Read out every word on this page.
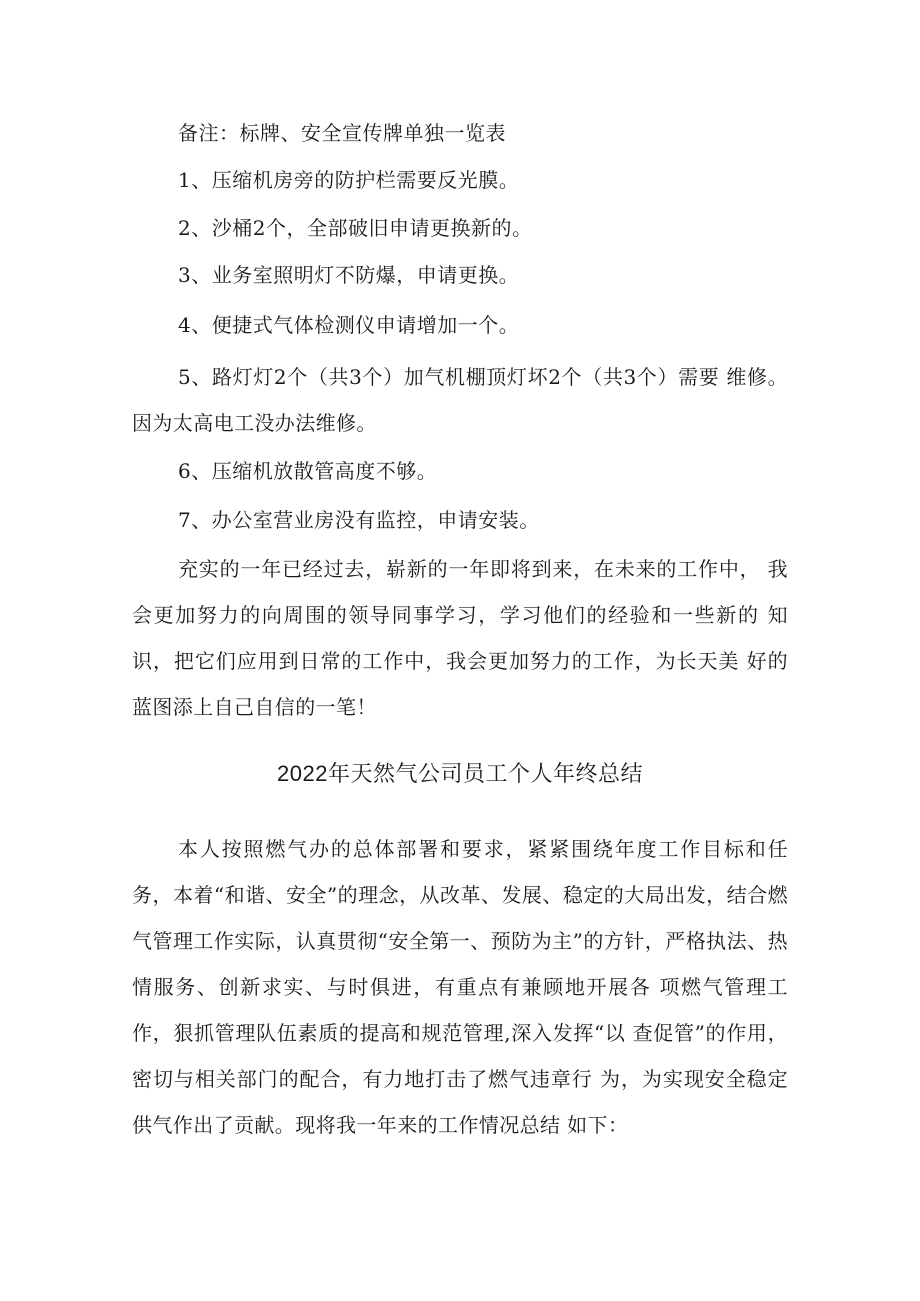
备注：标牌、安全宣传牌单独一览表
1、压缩机房旁的防护栏需要反光膜。
2、沙桶2个，全部破旧申请更换新的。
3、业务室照明灯不防爆，申请更换。
4、便捷式气体检测仪申请增加一个。
5、路灯灯2个（共3个）加气机棚顶灯坏2个（共3个）需要 维修。因为太高电工没办法维修。
6、压缩机放散管高度不够。
7、办公室营业房没有监控，申请安装。
充实的一年已经过去，崭新的一年即将到来，在未来的工作中， 我会更加努力的向周围的领导同事学习，学习他们的经验和一些新的 知识，把它们应用到日常的工作中，我会更加努力的工作，为长天美 好的蓝图添上自己自信的一笔！
2022年天然气公司员工个人年终总结
本人按照燃气办的总体部署和要求，紧紧围绕年度工作目标和任 务，本着“和谐、安全”的理念，从改革、发展、稳定的大局出发，结合燃气管理工作实际，认真贯彻“安全第一、预防为主”的方针，严格执法、热情服务、创新求实、与时俱进，有重点有兼顾地开展各 项燃气管理工作，狠抓管理队伍素质的提高和规范管理,深入发挥“以 查促管”的作用，密切与相关部门的配合，有力地打击了燃气违章行 为，为实现安全稳定供气作出了贡献。现将我一年来的工作情况总结 如下：
